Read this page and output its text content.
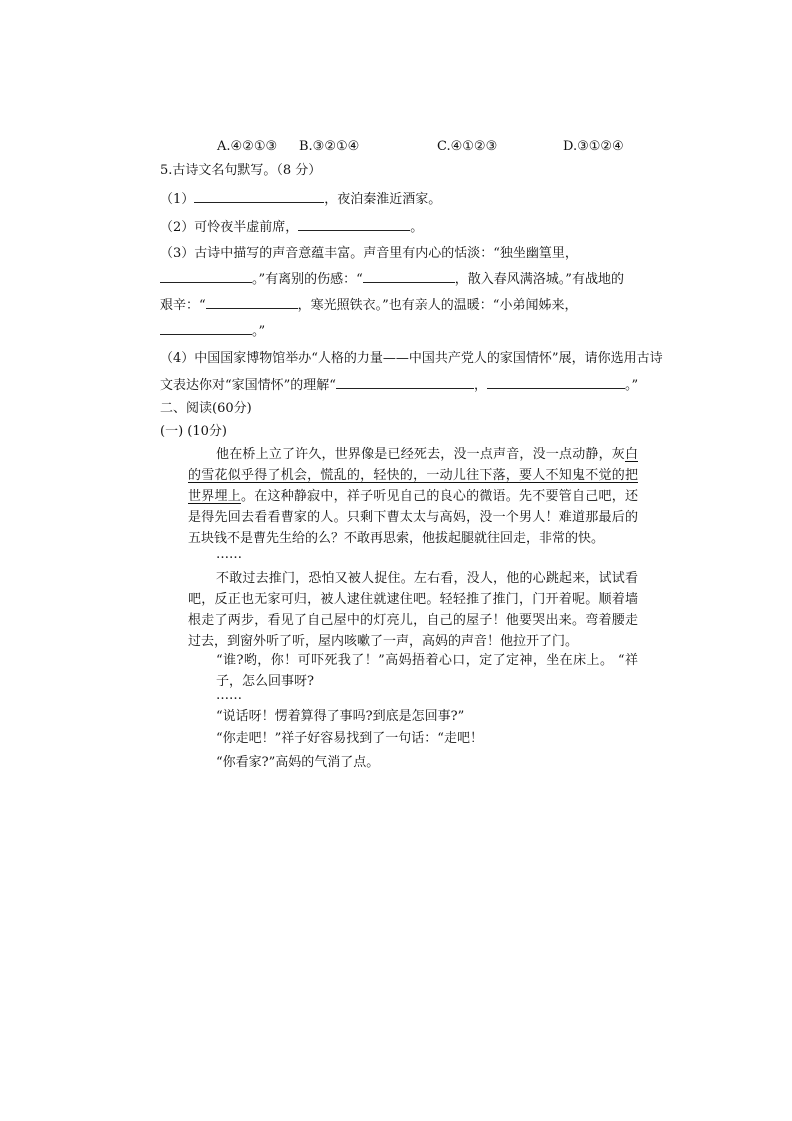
A.④②①③ B.③②①④	C.④①②③	D.③①②④
5.古诗文名句默写。（8 分）
（1）	，夜泊秦淮近酒家。
（2）可怜夜半虚前席，	。
（3）古诗中描写的声音意蕴丰富。声音里有内心的恬淡：“独坐幽篁里，
。”有离别的伤感：“	，散入春风满洛城。”有战地的
艰辛：“	，寒光照铁衣。”也有亲人的温暖：“小弟闻姊来，
。”
（4）中国国家博物馆举办“人格的力量——中国共产党人的家国情怀”展，请你选用古诗
文表达你对“家国情怀”的理解“	，	。”
二、阅读(60分)
(一) (10分)
他在桥上立了许久，世界像是已经死去，没一点声音，没一点动静，灰白的雪花似乎得了机会，慌乱的，轻快的，一动儿往下落，要人不知鬼不觉的把世界埋上。在这种静寂中，祥子听见自己的良心的微语。先不要管自己吧，还是得先回去看看曹家的人。只剩下曹太太与高妈，没一个男人！难道那最后的五块钱不是曹先生给的么？不敢再思索，他拔起腿就往回走，非常的快。
……
不敢过去推门，恐怕又被人捉住。左右看，没人，他的心跳起来，试试看吧，反正也无家可归，被人逮住就逮住吧。轻轻推了推门，门开着呢。顺着墙根走了两步，看见了自己屋中的灯亮儿，自己的屋子！他要哭出来。弯着腰走过去，到窗外听了听，屋内咳嗽了一声，高妈的声音！他拉开了门。
“谁?哟，你！可吓死我了！”高妈捂着心口，定了定神，坐在床上。 “祥子，怎么回事呀?
……
“说话呀！愣着算得了事吗?到底是怎回事?”
“你走吧！”祥子好容易找到了一句话：“走吧！
“你看家?”高妈的气消了点。
